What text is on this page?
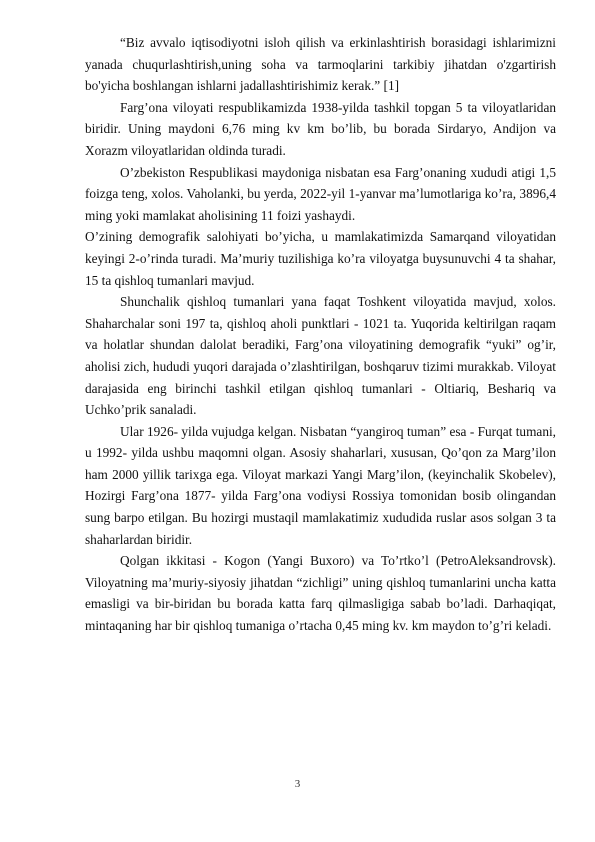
“Biz avvalo iqtisodiyotni isloh qilish va erkinlashtirish borasidagi ishlarimizni yanada chuqurlashtirish,uning soha va tarmoqlarini tarkibiy jihatdan o'zgartirish bo'yicha boshlangan ishlarni jadallashtirishimiz kerak.” [1]

Farg’ona viloyati respublikamizda 1938-yilda tashkil topgan 5 ta viloyatlaridan biridir. Uning maydoni 6,76 ming kv km bo’lib, bu borada Sirdaryo, Andijon va Xorazm viloyatlaridan oldinda turadi.

O’zbekiston Respublikasi maydoniga nisbatan esa Farg’onaning xududi atigi 1,5 foizga teng, xolos. Vaholanki, bu yerda, 2022-yil 1-yanvar ma’lumotlariga ko’ra, 3896,4 ming yoki mamlakat aholisining 11 foizi yashaydi.

O’zining demografik salohiyati bo’yicha, u mamlakatimizda Samarqand viloyatidan keyingi 2-o’rinda turadi. Ma’muriy tuzilishiga ko’ra viloyatga buysunuvchi 4 ta shahar, 15 ta qishloq tumanlari mavjud.

Shunchalik qishloq tumanlari yana faqat Toshkent viloyatida mavjud, xolos. Shaharchalar soni 197 ta, qishloq aholi punktlari - 1021 ta. Yuqorida keltirilgan raqam va holatlar shundan dalolat beradiki, Farg’ona viloyatining demografik “yuki” og’ir, aholisi zich, hududi yuqori darajada o’zlashtirilgan, boshqaruv tizimi murakkab. Viloyat darajasida eng birinchi tashkil etilgan qishloq tumanlari - Oltiariq, Beshariq va Uchko’prik sanaladi.

Ular 1926- yilda vujudga kelgan. Nisbatan “yangiroq tuman” esa - Furqat tumani, u 1992- yilda ushbu maqomni olgan. Asosiy shaharlari, xususan, Qo’qon za Marg’ilon ham 2000 yillik tarixga ega. Viloyat markazi Yangi Marg’ilon, (keyinchalik Skobelev), Hozirgi Farg’ona 1877- yilda Farg’ona vodiysi Rossiya tomonidan bosib olingandan sung barpo etilgan. Bu hozirgi mustaqil mamlakatimiz xududida ruslar asos solgan 3 ta shaharlardan biridir.

Qolgan ikkitasi - Kogon (Yangi Buxoro) va To’rtko’l (PetroAleksandrovsk). Viloyatning ma’muriy-siyosiy jihatdan “zichligi” uning qishloq tumanlarini uncha katta emasligi va bir-biridan bu borada katta farq qilmasligiga sabab bo’ladi. Darhaqiqat, mintaqaning har bir qishloq tumaniga o’rtacha 0,45 ming kv. km maydon to’g’ri keladi.

3
